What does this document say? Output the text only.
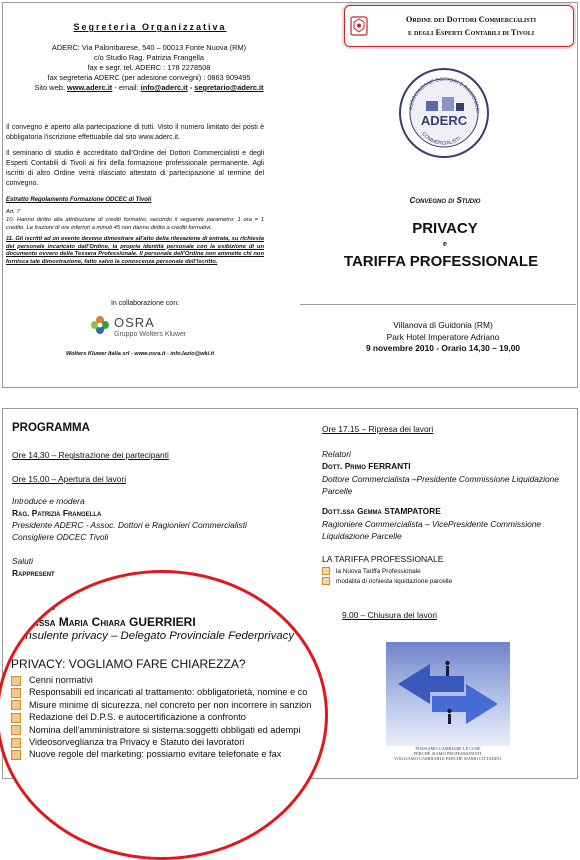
Segreteria Organizzativa
ADERC: Via Palombarese, 540 – 00013 Fonte Nuova (RM)
c/o Studio Rag. Patrizia Frangella
fax e segr. tel. ADERC : 178 2278508
fax segreteria ADERC (per adesione convegni) : 0863 909495
Sito web: www.aderc.it - email: info@aderc.it - segretario@aderc.it

Il convegno è aperto alla partecipazione di tutti. Visto il numero limitato dei posti è obbligatoria l'iscrizione effettuabile dal sito www.aderc.it.

Il seminario di studio è accreditato dall'Ordine dei Dottori Commercialisti e degli Esperti Contabili di Tivoli ai fini della formazione professionale permanente. Agli iscritti di altro Ordine verrà rilasciato attestato di partecipazione al termine del convegno.

Estratto Regolamento Formazione ODCEC di Tivoli
Art. 7

10. Hanno diritto alla attribuzione di crediti formativi, secondo il seguente parametro: 1 ora = 1 credito. Le frazioni di ore inferiori a minuti 45 non danno diritto a crediti formativi.

11. Gli iscritti ad un evento devono dimostrare all'atto della rilevazione di entrata, su richiesta del personale incaricato dall'Ordine, la propria identità personale con la esibizione di un documento ovvero della Tessera Professionale. Il personale dell'Ordine non ammette chi non fornisca tale dimostrazione, fatto salvo la conoscenza personale dell'iscritto.

In collaborazione con:
OSRA
Gruppo Wolters Kluwer
Wolters Kluwer Italia srl - www.osra.it - info.lazio@wki.it
Ordine dei Dottori Commercialisti
e degli Esperti Contabili di Tivoli
ASSOCIAZIONE DOTTORI E RAGIONIERI
COMMERCIALISTI
ADERC
Convegno di Studio
PRIVACY
e
TARIFFA PROFESSIONALE
Villanova di Guidonia (RM)
Park Hotel Imperatore Adriano
9 novembre 2010 - Orario 14,30 – 19,00
PROGRAMMA
Ore 14,30 – Registrazione dei partecipanti
Ore 15,00 – Apertura dei lavori
Introduce e modera
Rag. Patrizia Frangella
Presidente ADERC - Assoc. Dottori e Ragionieri Commercialisti
Consigliere ODCEC Tivoli
Saluti
Rappresent
Relatore
Dott.ssa Maria Chiara GUERRIERI
Consulente privacy – Delegato Provinciale Federprivacy
PRIVACY: VOGLIAMO FARE CHIAREZZA?
Cenni normativi
Responsabili ed incaricati al trattamento: obbligatorietà, nomine e co
Misure minime di sicurezza, nel concreto per non incorrere in sanzion
Redazione del D.P.S. e autocertificazione a confronto
Nomina dell'amministratore si sistema:soggetti obbligati ed adempi
Videosorveglianza tra Privacy e Statuto dei lavoratori
Nuove regole del marketing: possiamo evitare telefonate e fax
Ore 17.15 – Ripresa dei lavori
Relatori
Dott. Primo FERRANTI

Dottore Commercialista –Presidente Commissione Liquidazione Parcelle

Dott.ssa Gemma STAMPATORE

Ragioniere Commercialista – VicePresidente Commissione Liquidazione Parcelle

LA TARIFFA PROFESSIONALE
la Nuova Tariffa Professionale
modalità di richiesta liquidazione parcelle
9.00 – Chiusura dei lavori
POSSIAMO CAMBIARE LE COSE
PERCHÉ SIAMO PROFESSIONISTI.
VOGLIAMO CAMBIARLE PERCHÉ SIAMO CITTADINI.
